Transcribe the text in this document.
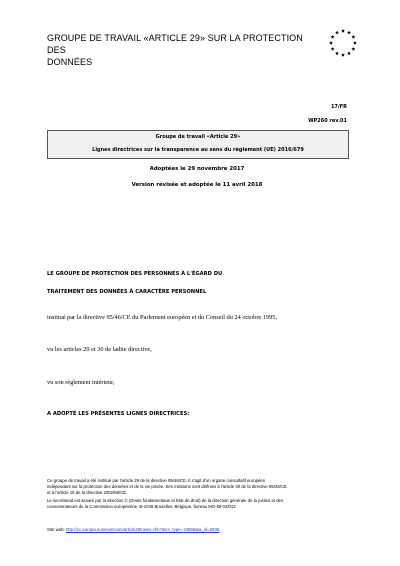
GROUPE DE TRAVAIL «ARTICLE 29» SUR LA PROTECTION DES
DONNÉES
17/FR
WP260 rev.01
Groupe de travail «Article 29»
Lignes directrices sur la transparence au sens du règlement (UE) 2016/679
Adoptées le 29 novembre 2017
Version révisée et adoptée le 11 avril 2018
LE GROUPE DE PROTECTION DES PERSONNES À L'ÉGARD DU
TRAITEMENT DES DONNÉES À CARACTÈRE PERSONNEL
institué par la directive 95/46/CE du Parlement européen et du Conseil du 24 octobre 1995,
vu les articles 29 et 30 de ladite directive,
vu son règlement intérieur,
A ADOPTÉ LES PRÉSENTES LIGNES DIRECTRICES:
Ce groupe de travail a été institué par l'article 29 de la directive 95/46/CE. Il s'agit d'un organe consultatif européen
indépendant sur la protection des données et de la vie privée. Ses missions sont définies à l'article 30 de la directive 95/46/CE
et à l'article 15 de la directive 2002/58/CE.
Le secrétariat est assuré par la direction C (Droits fondamentaux et État de droit) de la direction générale de la justice et des
consommateurs de la Commission européenne, B-1049 Bruxelles, Belgique, bureau MO-59 02/013
Site web: http://ec.europa.eu/newsroom/article29/news.cfm?item_type=1358&tpa_id=6936
